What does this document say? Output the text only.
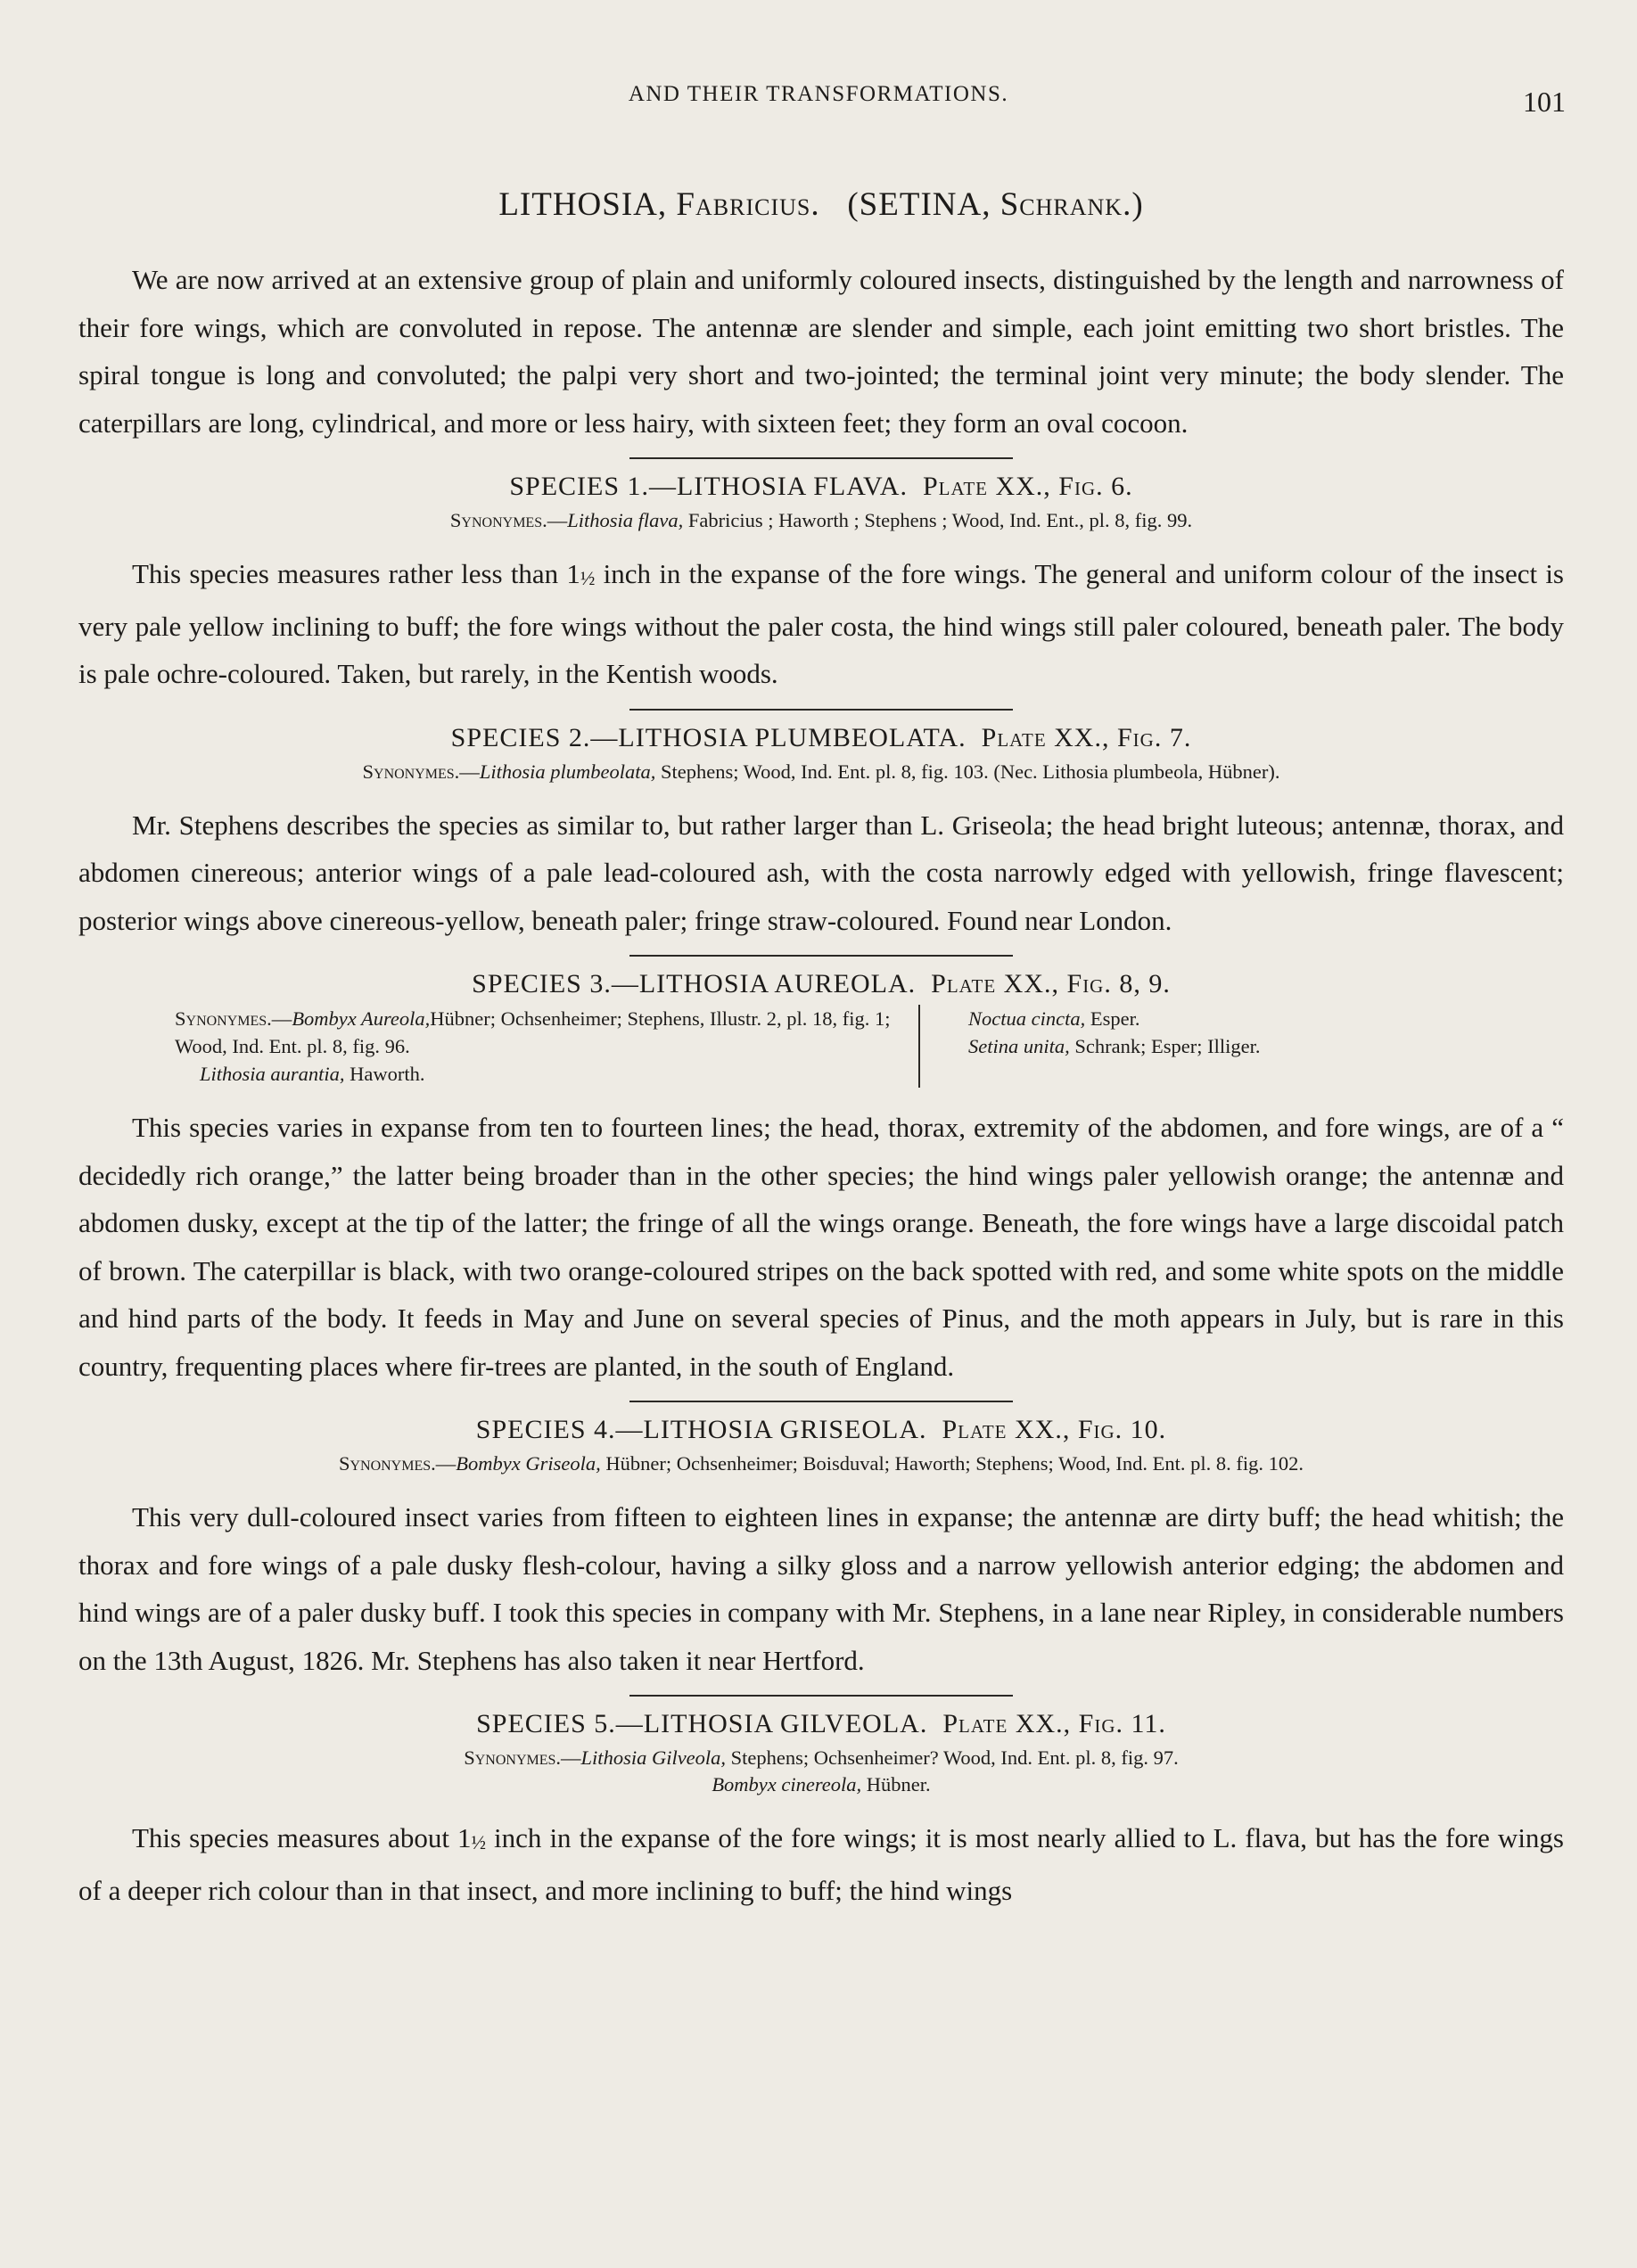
AND THEIR TRANSFORMATIONS.	101
LITHOSIA, Fabricius. (SETINA, Schrank.)

We are now arrived at an extensive group of plain and uniformly coloured insects, distinguished by the length and narrowness of their fore wings, which are convoluted in repose. The antennæ are slender and simple, each joint emitting two short bristles. The spiral tongue is long and convoluted; the palpi very short and two-jointed; the terminal joint very minute; the body slender. The caterpillars are long, cylindrical, and more or less hairy, with sixteen feet; they form an oval cocoon.

SPECIES 1.—LITHOSIA FLAVA. Plate XX., Fig. 6.
Synonymes.—Lithosia flava, Fabricius ; Haworth ; Stephens ; Wood, Ind. Ent., pl. 8, fig. 99.

This species measures rather less than 1½ inch in the expanse of the fore wings. The general and uniform colour of the insect is very pale yellow inclining to buff; the fore wings without the paler costa, the hind wings still paler coloured, beneath paler. The body is pale ochre-coloured. Taken, but rarely, in the Kentish woods.

SPECIES 2.—LITHOSIA PLUMBEOLATA. Plate XX., Fig. 7.
Synonymes.—Lithosia plumbeolata, Stephens; Wood, Ind. Ent. pl. 8, fig. 103. (Nec. Lithosia plumbeola, Hübner).

Mr. Stephens describes the species as similar to, but rather larger than L. Griseola; the head bright luteous; antennæ, thorax, and abdomen cinereous; anterior wings of a pale lead-coloured ash, with the costa narrowly edged with yellowish, fringe flavescent; posterior wings above cinereous-yellow, beneath paler; fringe straw-coloured. Found near London.

SPECIES 3.—LITHOSIA AUREOLA. Plate XX., Fig. 8, 9.
Synonymes.—Bombyx Aureola,Hübner; Ochsenheimer; Stephens, Illustr. 2, pl. 18, fig. 1; Wood, Ind. Ent. pl. 8, fig. 96.
Lithosia aurantia, Haworth.
Noctua cincta, Esper.
Setina unita, Schrank; Esper; Illiger.

This species varies in expanse from ten to fourteen lines; the head, thorax, extremity of the abdomen, and fore wings, are of a “ decidedly rich orange,” the latter being broader than in the other species; the hind wings paler yellowish orange; the antennæ and abdomen dusky, except at the tip of the latter; the fringe of all the wings orange. Beneath, the fore wings have a large discoidal patch of brown. The caterpillar is black, with two orange-coloured stripes on the back spotted with red, and some white spots on the middle and hind parts of the body. It feeds in May and June on several species of Pinus, and the moth appears in July, but is rare in this country, frequenting places where fir-trees are planted, in the south of England.

SPECIES 4.—LITHOSIA GRISEOLA. Plate XX., Fig. 10.
Synonymes.—Bombyx Griseola, Hübner; Ochsenheimer; Boisduval; Haworth; Stephens; Wood, Ind. Ent. pl. 8. fig. 102.

This very dull-coloured insect varies from fifteen to eighteen lines in expanse; the antennæ are dirty buff; the head whitish; the thorax and fore wings of a pale dusky flesh-colour, having a silky gloss and a narrow yellowish anterior edging; the abdomen and hind wings are of a paler dusky buff. I took this species in company with Mr. Stephens, in a lane near Ripley, in considerable numbers on the 13th August, 1826. Mr. Stephens has also taken it near Hertford.

SPECIES 5.—LITHOSIA GILVEOLA. Plate XX., Fig. 11.
Synonymes.—Lithosia Gilveola, Stephens; Ochsenheimer? Wood, Ind. Ent. pl. 8, fig. 97.
Bombyx cinereola, Hübner.

This species measures about 1½ inch in the expanse of the fore wings; it is most nearly allied to L. flava, but has the fore wings of a deeper rich colour than in that insect, and more inclining to buff; the hind wings
